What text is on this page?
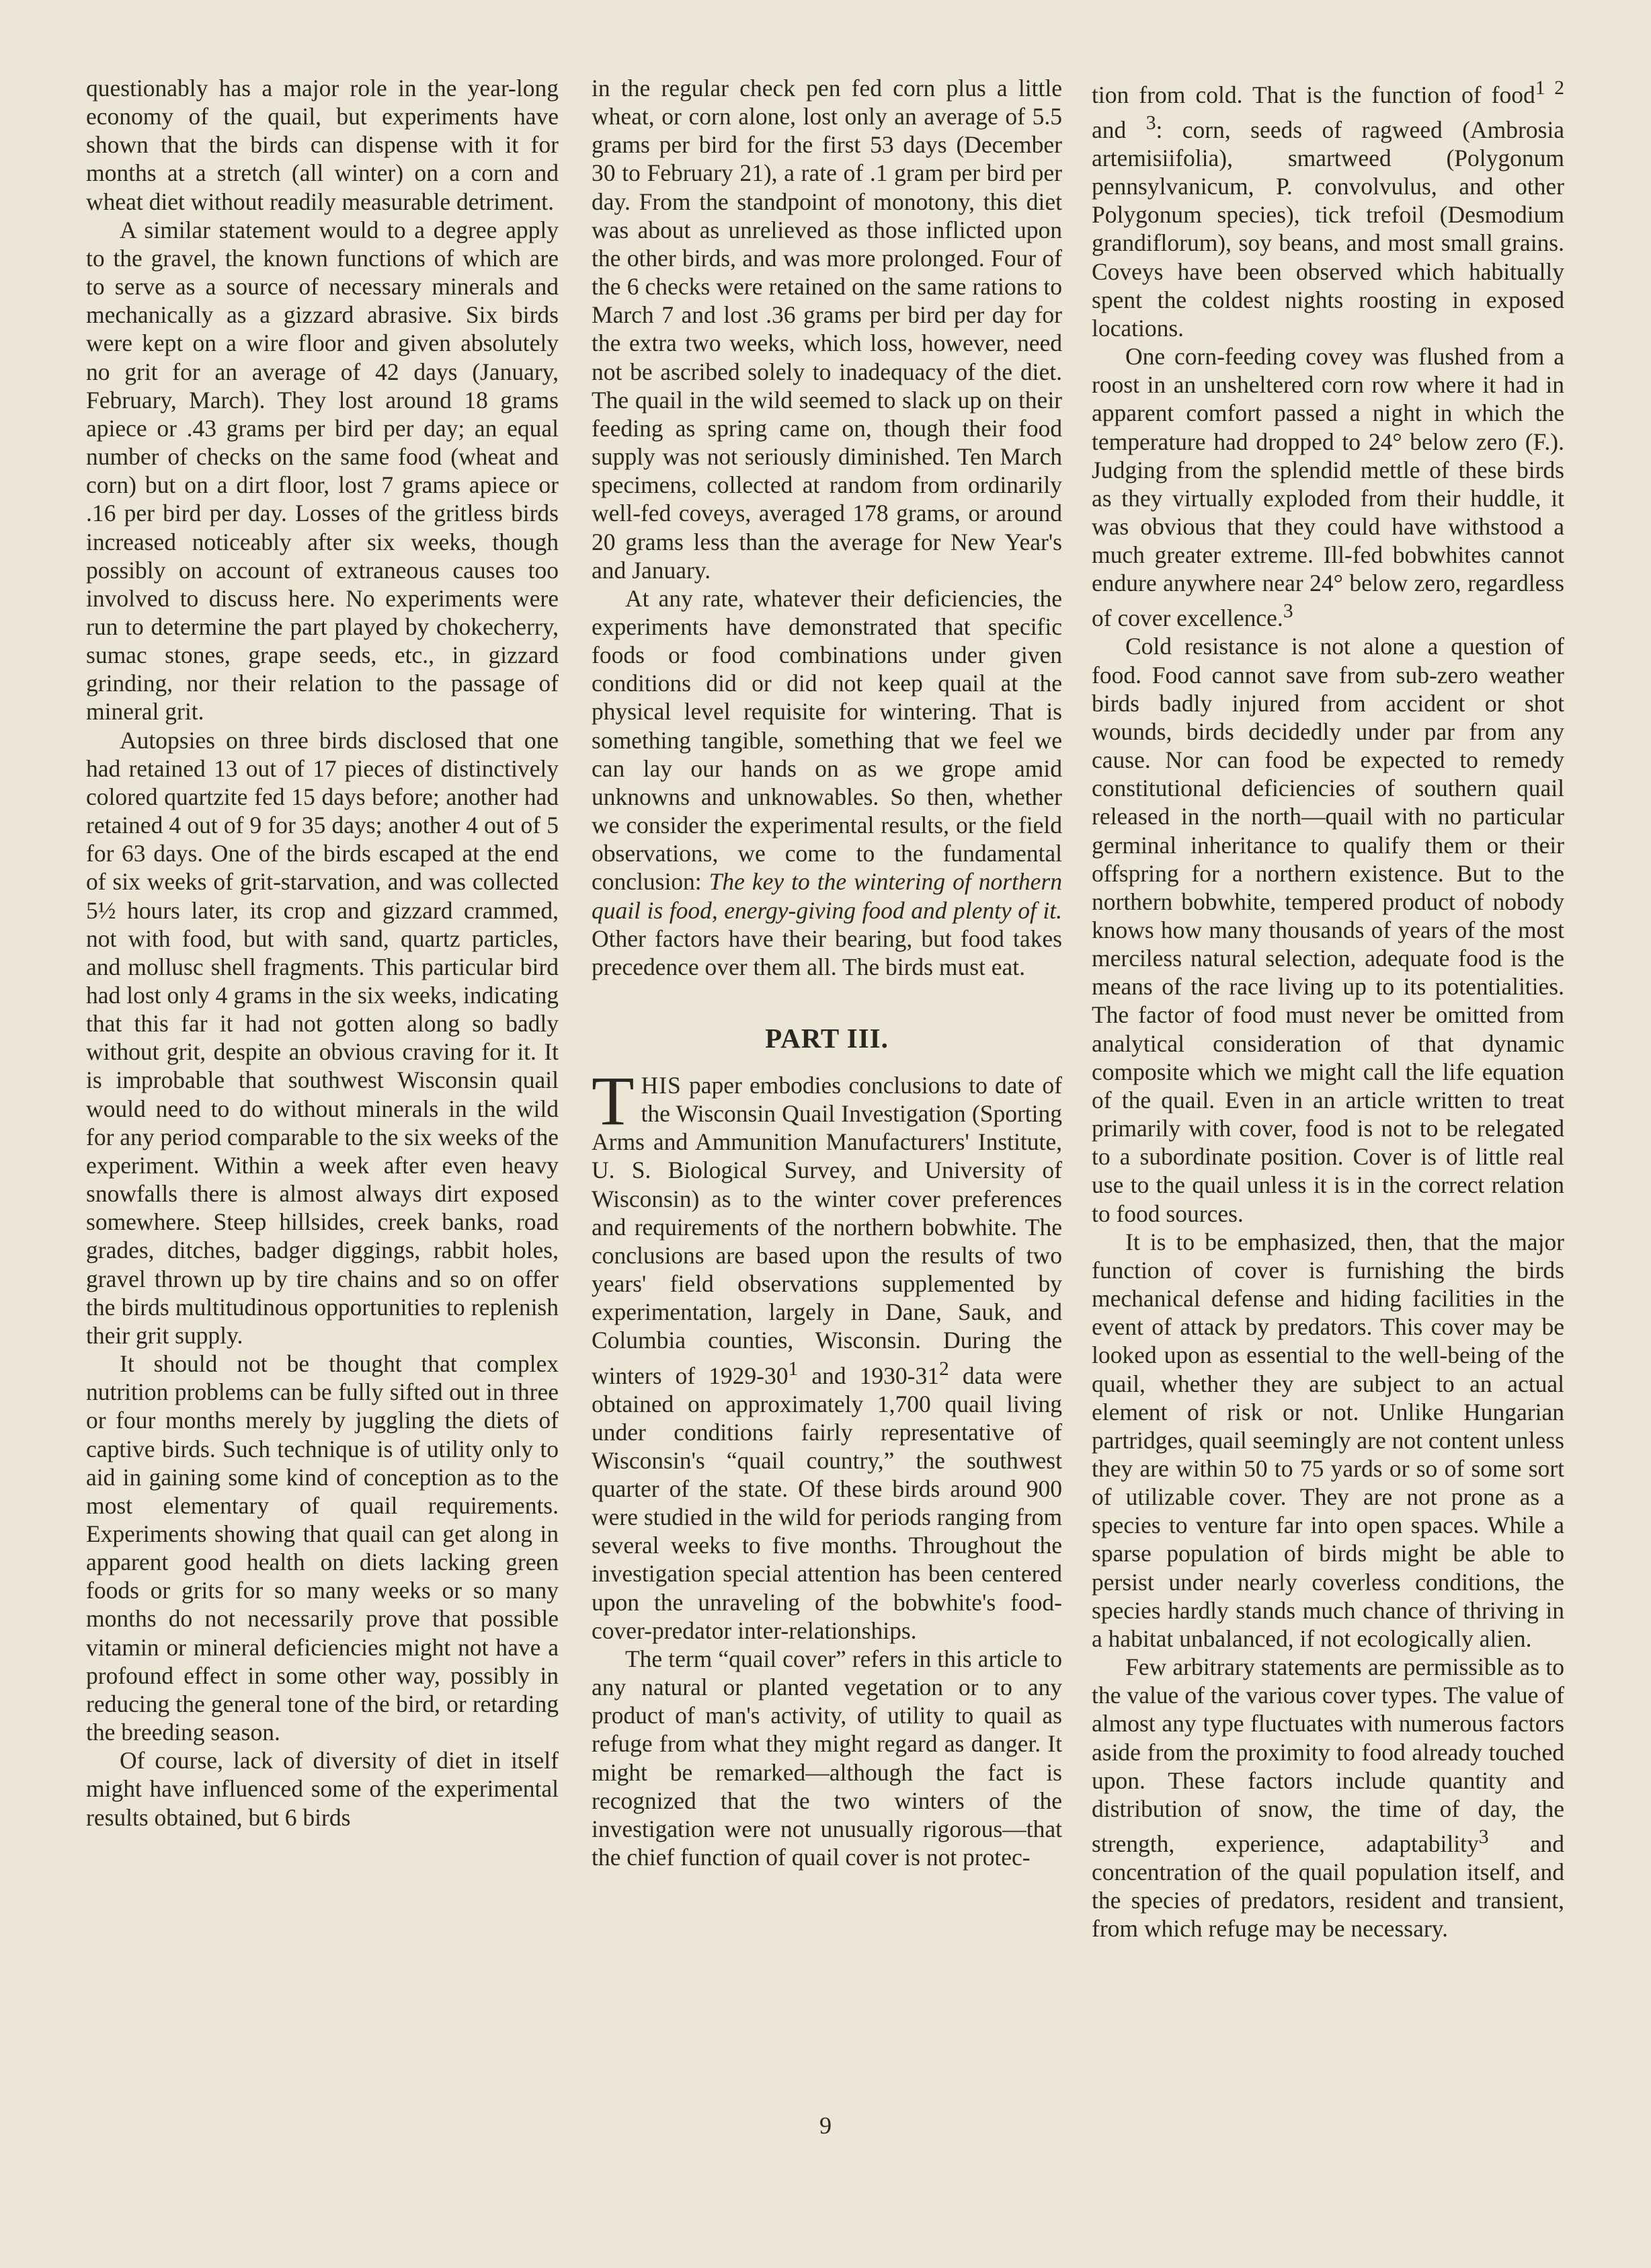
questionably has a major role in the year-long economy of the quail, but experiments have shown that the birds can dispense with it for months at a stretch (all winter) on a corn and wheat diet without readily measurable detriment.

A similar statement would to a degree apply to the gravel, the known functions of which are to serve as a source of necessary minerals and mechanically as a gizzard abrasive. Six birds were kept on a wire floor and given absolutely no grit for an average of 42 days (January, February, March). They lost around 18 grams apiece or .43 grams per bird per day; an equal number of checks on the same food (wheat and corn) but on a dirt floor, lost 7 grams apiece or .16 per bird per day. Losses of the gritless birds increased noticeably after six weeks, though possibly on account of extraneous causes too involved to discuss here. No experiments were run to determine the part played by chokecherry, sumac stones, grape seeds, etc., in gizzard grinding, nor their relation to the passage of mineral grit.

Autopsies on three birds disclosed that one had retained 13 out of 17 pieces of distinctively colored quartzite fed 15 days before; another had retained 4 out of 9 for 35 days; another 4 out of 5 for 63 days. One of the birds escaped at the end of six weeks of grit-starvation, and was collected 5½ hours later, its crop and gizzard crammed, not with food, but with sand, quartz particles, and mollusc shell fragments. This particular bird had lost only 4 grams in the six weeks, indicating that this far it had not gotten along so badly without grit, despite an obvious craving for it. It is improbable that southwest Wisconsin quail would need to do without minerals in the wild for any period comparable to the six weeks of the experiment. Within a week after even heavy snowfalls there is almost always dirt exposed somewhere. Steep hillsides, creek banks, road grades, ditches, badger diggings, rabbit holes, gravel thrown up by tire chains and so on offer the birds multitudinous opportunities to replenish their grit supply.

It should not be thought that complex nutrition problems can be fully sifted out in three or four months merely by juggling the diets of captive birds. Such technique is of utility only to aid in gaining some kind of conception as to the most elementary of quail requirements. Experiments showing that quail can get along in apparent good health on diets lacking green foods or grits for so many weeks or so many months do not necessarily prove that possible vitamin or mineral deficiencies might not have a profound effect in some other way, possibly in reducing the general tone of the bird, or retarding the breeding season.

Of course, lack of diversity of diet in itself might have influenced some of the experimental results obtained, but 6 birds

in the regular check pen fed corn plus a little wheat, or corn alone, lost only an average of 5.5 grams per bird for the first 53 days (December 30 to February 21), a rate of .1 gram per bird per day. From the standpoint of monotony, this diet was about as unrelieved as those inflicted upon the other birds, and was more prolonged. Four of the 6 checks were retained on the same rations to March 7 and lost .36 grams per bird per day for the extra two weeks, which loss, however, need not be ascribed solely to inadequacy of the diet. The quail in the wild seemed to slack up on their feeding as spring came on, though their food supply was not seriously diminished. Ten March specimens, collected at random from ordinarily well-fed coveys, averaged 178 grams, or around 20 grams less than the average for New Year's and January.

At any rate, whatever their deficiencies, the experiments have demonstrated that specific foods or food combinations under given conditions did or did not keep quail at the physical level requisite for wintering. That is something tangible, something that we feel we can lay our hands on as we grope amid unknowns and unknowables. So then, whether we consider the experimental results, or the field observations, we come to the fundamental conclusion: The key to the wintering of northern quail is food, energy-giving food and plenty of it. Other factors have their bearing, but food takes precedence over them all. The birds must eat.

PART III.

THIS paper embodies conclusions to date of the Wisconsin Quail Investigation (Sporting Arms and Ammunition Manufacturers' Institute, U. S. Biological Survey, and University of Wisconsin) as to the winter cover preferences and requirements of the northern bobwhite. The conclusions are based upon the results of two years' field observations supplemented by experimentation, largely in Dane, Sauk, and Columbia counties, Wisconsin. During the winters of $1929-30^1$ and $1930-31^2$ data were obtained on approximately 1,700 quail living under conditions fairly representative of Wisconsin's “quail country,” the southwest quarter of the state. Of these birds around 900 were studied in the wild for periods ranging from several weeks to five months. Throughout the investigation special attention has been centered upon the unraveling of the bobwhite's food-cover-predator inter-relationships.

The term “quail cover” refers in this article to any natural or planted vegetation or to any product of man's activity, of utility to quail as refuge from what they might regard as danger. It might be remarked—although the fact is recognized that the two winters of the investigation were not unusually rigorous—that the chief function of quail cover is not protec-

tion from cold. That is the function of food$^{1 2}$ and $^3$: corn, seeds of ragweed (Ambrosia artemisiifolia), smartweed (Polygonum pennsylvanicum, P. convolvulus, and other Polygonum species), tick trefoil (Desmodium grandiflorum), soy beans, and most small grains. Coveys have been observed which habitually spent the coldest nights roosting in exposed locations.

One corn-feeding covey was flushed from a roost in an unsheltered corn row where it had in apparent comfort passed a night in which the temperature had dropped to 24° below zero (F.). Judging from the splendid mettle of these birds as they virtually exploded from their huddle, it was obvious that they could have withstood a much greater extreme. Ill-fed bobwhites cannot endure anywhere near 24° below zero, regardless of cover excellence.$^3$

Cold resistance is not alone a question of food. Food cannot save from sub-zero weather birds badly injured from accident or shot wounds, birds decidedly under par from any cause. Nor can food be expected to remedy constitutional deficiencies of southern quail released in the north—quail with no particular germinal inheritance to qualify them or their offspring for a northern existence. But to the northern bobwhite, tempered product of nobody knows how many thousands of years of the most merciless natural selection, adequate food is the means of the race living up to its potentialities. The factor of food must never be omitted from analytical consideration of that dynamic composite which we might call the life equation of the quail. Even in an article written to treat primarily with cover, food is not to be relegated to a subordinate position. Cover is of little real use to the quail unless it is in the correct relation to food sources.

It is to be emphasized, then, that the major function of cover is furnishing the birds mechanical defense and hiding facilities in the event of attack by predators. This cover may be looked upon as essential to the well-being of the quail, whether they are subject to an actual element of risk or not. Unlike Hungarian partridges, quail seemingly are not content unless they are within 50 to 75 yards or so of some sort of utilizable cover. They are not prone as a species to venture far into open spaces. While a sparse population of birds might be able to persist under nearly coverless conditions, the species hardly stands much chance of thriving in a habitat unbalanced, if not ecologically alien.

Few arbitrary statements are permissible as to the value of the various cover types. The value of almost any type fluctuates with numerous factors aside from the proximity to food already touched upon. These factors include quantity and distribution of snow, the time of day, the strength, experience, adaptability$^3$ and concentration of the quail population itself, and the species of predators, resident and transient, from which refuge may be necessary.

9
